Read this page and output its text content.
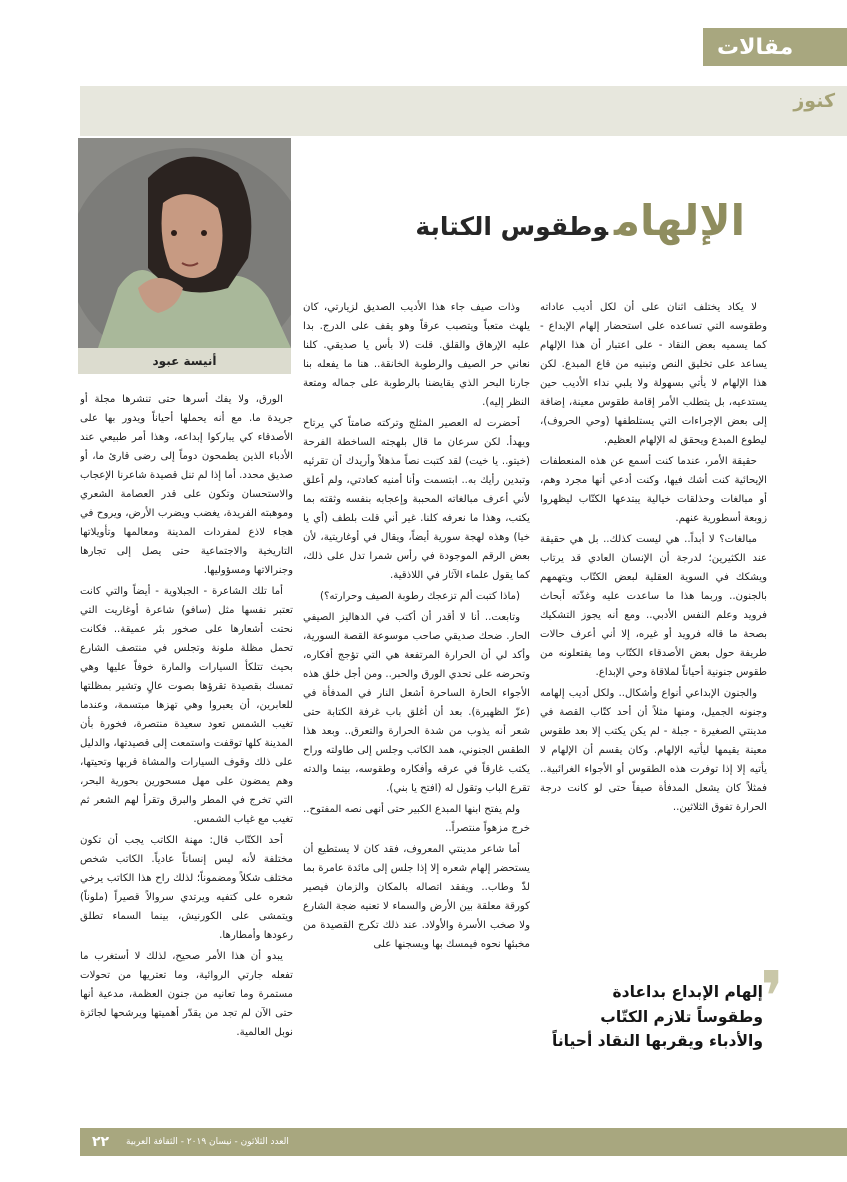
مقالات
كنوز
أنيسة عبود
الإلهاموطقوس الكتابة

لا يكاد يختلف اثنان على أن لكل أديب عاداته وطقوسه التي تساعده على استحضار إلهام الإبداع - كما يسميه بعض النقاد - على اعتبار أن هذا الإلهام يساعد على تخليق النص وتبنيه من قاع المبدع. لكن هذا الإلهام لا يأتي بسهولة ولا يلبي نداء الأديب حين يستدعيه، بل يتطلب الأمر إقامة طقوس معينة، إضافة إلى بعض الإجراءات التي يستلطفها (وحي الحروف)، ليطوع المبدع ويحقق له الإلهام العظيم.

حقيقة الأمر، عندما كنت أسمع عن هذه المنعطفات الإيحائية كنت أشك فيها، وكنت أدعي أنها مجرد وهم، أو مبالغات وحذلقات خيالية يبتدعها الكتّاب ليظهروا زوبعة أسطورية عنهم.

مبالغات؟ لا أبداً.. هي ليست كذلك.. بل هي حقيقة عند الكثيرين؛ لدرجة أن الإنسان العادي قد يرتاب ويشكك في السوية العقلية لبعض الكتّاب ويتهمهم بالجنون.. وربما هذا ما ساعدت عليه وغذّته أبحاث فرويد وعلم النفس الأدبي.. ومع أنه يجوز التشكيك بصحة ما قاله فرويد أو غيره، إلا أني أعرف حالات طريفة حول بعض الأصدقاء الكتّاب وما يفتعلونه من طقوس جنونية أحياناً لملاقاة وحي الإبداع.

والجنون الإبداعي أنواع وأشكال.. ولكل أديب إلهامه وجنونه الجميل، ومنها مثلاً أن أحد كتّاب القصة في مدينتي الصغيرة - جبلة - لم يكن يكتب إلا بعد طقوس معينة يقيمها ليأتيه الإلهام. وكان يقسم أن الإلهام لا يأتيه إلا إذا توفرت هذه الطقوس أو الأجواء الغرائبية.. فمثلاً كان يشعل المدفأة صيفاً حتى لو كانت درجة الحرارة تفوق الثلاثين..

وذات صيف جاء هذا الأديب الصديق لزيارتي، كان يلهث متعباً ويتصبب عرقاً وهو يقف على الدرج. بدا عليه الإرهاق والقلق. قلت (لا بأس يا صديقي. كلنا نعاني حر الصيف والرطوبة الخانقة.. هنا ما يفعله بنا جارنا البحر الذي يقايضنا بالرطوبة على جماله ومتعة النظر إليه).

أحضرت له العصير المثلج وتركته صامتاً كي يرتاح ويهدأ. لكن سرعان ما قال بلهجته الساخطة الفرحة (خيتو.. يا خيت) لقد كتبت نصاً مذهلاً وأريدك أن تقرئيه وتبدين رأيك به.. ابتسمت وأنا أمنيه كعادتي، ولم أعلق لأني أعرف مبالغاته المحببة وإعجابه بنفسه وثقته بما يكتب، وهذا ما نعرفه كلنا. غير أني قلت بلطف (أي يا خيا) وهذه لهجة سورية أيضاً، ويقال في أوغاريتية، لأن بعض الرقم الموجودة في رأس شمرا تدل على ذلك، كما يقول علماء الآثار في اللاذقية.

(ماذا كتبت ألم تزعجك رطوبة الصيف وحرارته؟)

وتابعت.. أنا لا أقدر أن أكتب في الدهاليز الصيفي الحار. ضحك صديقي صاحب موسوعة القصة السورية، وأكد لي أن الحرارة المرتفعة هي التي تؤجج أفكاره، وتحرضه على تحدي الورق والحبر.. ومن أجل خلق هذه الأجواء الحارة الساحرة أشعل النار في المدفأة في (عزّ الظهيرة). بعد أن أغلق باب غرفة الكتابة حتى شعر أنه يذوب من شدة الحرارة والتعرق.. وبعد هذا الطقس الجنوني، همد الكاتب وجلس إلى طاولته وراح يكتب غارقاً في عرقه وأفكاره وطقوسه، بينما والدته تقرع الباب وتقول له (افتح يا بني).

ولم يفتح ابنها المبدع الكبير حتى أنهى نصه المفتوح.. خرج مزهواً منتصراً..

أما شاعر مدينتي المعروف، فقد كان لا يستطيع أن يستحضر إلهام شعره إلا إذا جلس إلى مائدة عامرة بما لذّ وطاب.. ويفقد اتصاله بالمكان والزمان فيصير كورقة معلقة بين الأرض والسماء لا تعنيه ضجة الشارع ولا صخب الأسرة والأولاد. عند ذلك تكرج القصيدة من مخبئها نحوه فيمسك بها ويسجنها على

الورق، ولا يفك أسرها حتى تنشرها مجلة أو جريدة ما. مع أنه يحملها أحياناً ويدور بها على الأصدقاء كي يباركوا إبداعه، وهذا أمر طبيعي عند الأدباء الذين يطمحون دوماً إلى رضى قارئ ما، أو صديق محدد. أما إذا لم تنل قصيدة شاعرنا الإعجاب والاستحسان وتكون على قدر العصامة الشعري وموهبته الفريدة، يغضب ويضرب الأرض، ويروح في هجاء لاذع لمفردات المدينة ومعالمها وتأويلاتها التاريخية والاجتماعية حتى يصل إلى تجارها وجنرالاتها ومسؤوليها.

أما تلك الشاعرة - الجبلاوية - أيضاً والتي كانت تعتبر نفسها مثل (سافو) شاعرة أوغاريت التي نحتت أشعارها على صخور بئر عميقة.. فكانت تحمل مظلة ملونة وتجلس في منتصف الشارع بحيث تتلكأ السيارات والمارة خوفاً عليها وهي تمسك بقصيدة تقرؤها بصوت عالٍ وتشير بمظلتها للعابرين، أن يعبروا وهي تهزها مبتسمة، وعندما تغيب الشمس تعود سعيدة منتصرة، فخورة بأن المدينة كلها توقفت واستمعت إلى قصيدتها، والدليل على ذلك وقوف السيارات والمشاة قربها وتحيتها، وهم يمضون على مهل مسحورين بحورية البحر، التي تخرج في المطر والبرق وتقرأ لهم الشعر ثم تغيب مع غياب الشمس.

أحد الكتّاب قال: مهنة الكاتب يجب أن تكون مختلفة لأنه ليس إنساناً عادياً. الكاتب شخص مختلف شكلاً ومضموناً؛ لذلك راح هذا الكاتب يرخي شعره على كتفيه ويرتدي سروالاً قصيراً (ملوناً) ويتمشى على الكورنيش، بينما السماء تطلق رعودها وأمطارها.

يبدو أن هذا الأمر صحيح، لذلك لا أستغرب ما تفعله جارتي الروائية، وما تعتريها من تحولات مستمرة وما تعانيه من جنون العظمة، مدعية أنها حتى الآن لم تجد من يقدّر أهميتها ويرشحها لجائزة نوبل العالمية.	❜
إلهام الإبداع بداعادة وطقوساً تلازم الكتّاب والأدباء ويقربها النقاد أحياناً
٢٢ العدد الثلاثون - نيسان ٢٠١٩ - الثقافة العربية
